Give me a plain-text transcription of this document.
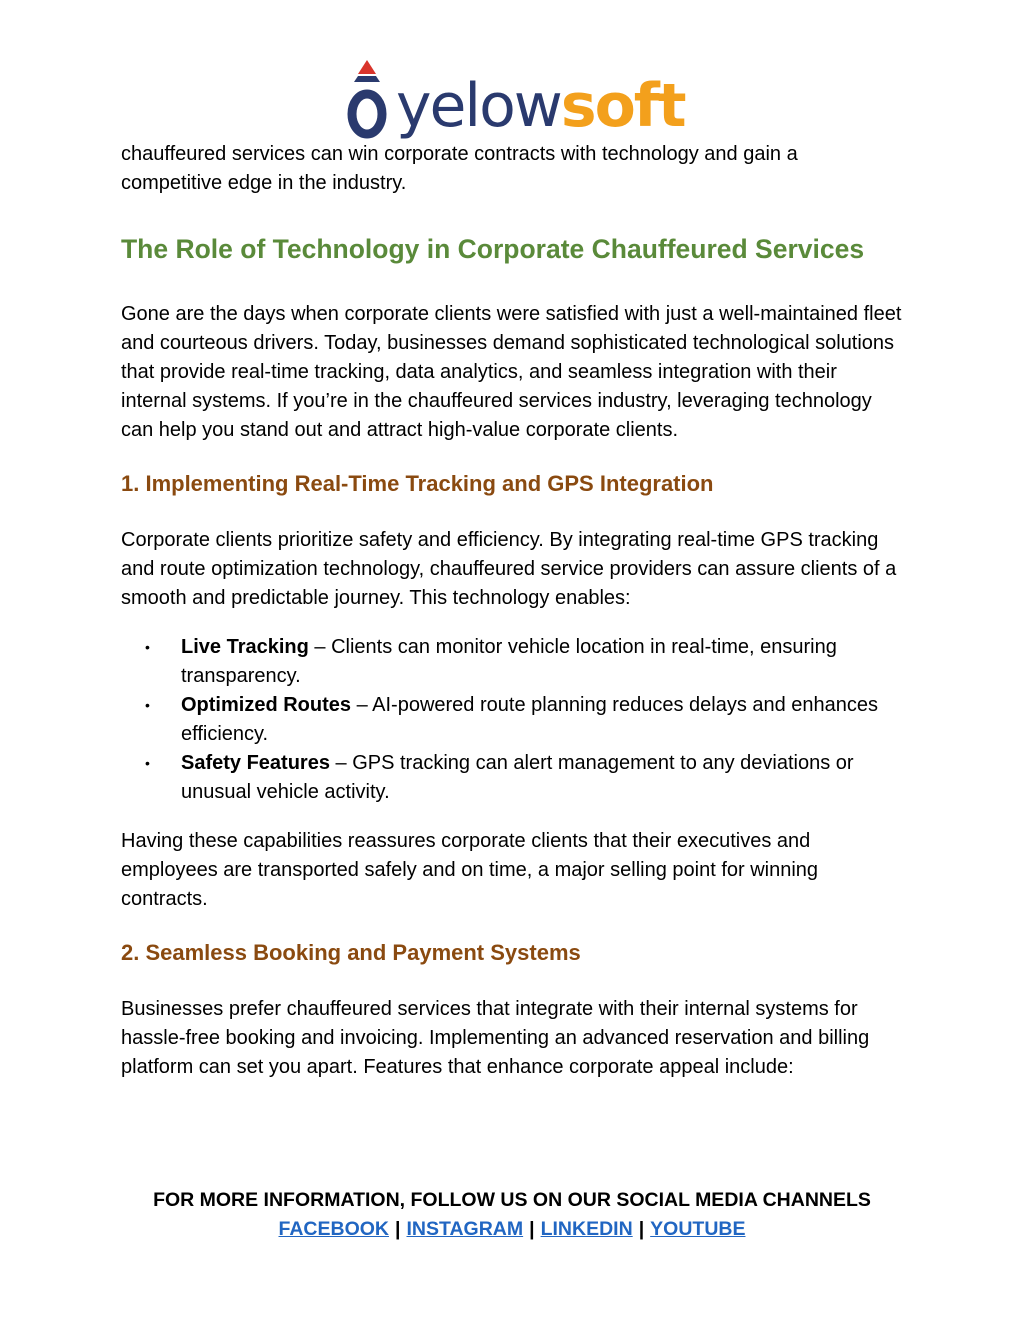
yelowsoft

chauffeured services can win corporate contracts with technology and gain a competitive edge in the industry.

The Role of Technology in Corporate Chauffeured Services

Gone are the days when corporate clients were satisfied with just a well-maintained fleet and courteous drivers. Today, businesses demand sophisticated technological solutions that provide real-time tracking, data analytics, and seamless integration with their internal systems. If you’re in the chauffeured services industry, leveraging technology can help you stand out and attract high-value corporate clients.

1. Implementing Real-Time Tracking and GPS Integration

Corporate clients prioritize safety and efficiency. By integrating real-time GPS tracking and route optimization technology, chauffeured service providers can assure clients of a smooth and predictable journey. This technology enables:

• Live Tracking – Clients can monitor vehicle location in real-time, ensuring transparency.
• Optimized Routes – AI-powered route planning reduces delays and enhances efficiency.
• Safety Features – GPS tracking can alert management to any deviations or unusual vehicle activity.

Having these capabilities reassures corporate clients that their executives and employees are transported safely and on time, a major selling point for winning contracts.

2. Seamless Booking and Payment Systems

Businesses prefer chauffeured services that integrate with their internal systems for hassle-free booking and invoicing. Implementing an advanced reservation and billing platform can set you apart. Features that enhance corporate appeal include:

FOR MORE INFORMATION, FOLLOW US ON OUR SOCIAL MEDIA CHANNELS
FACEBOOK | INSTAGRAM | LINKEDIN | YOUTUBE
